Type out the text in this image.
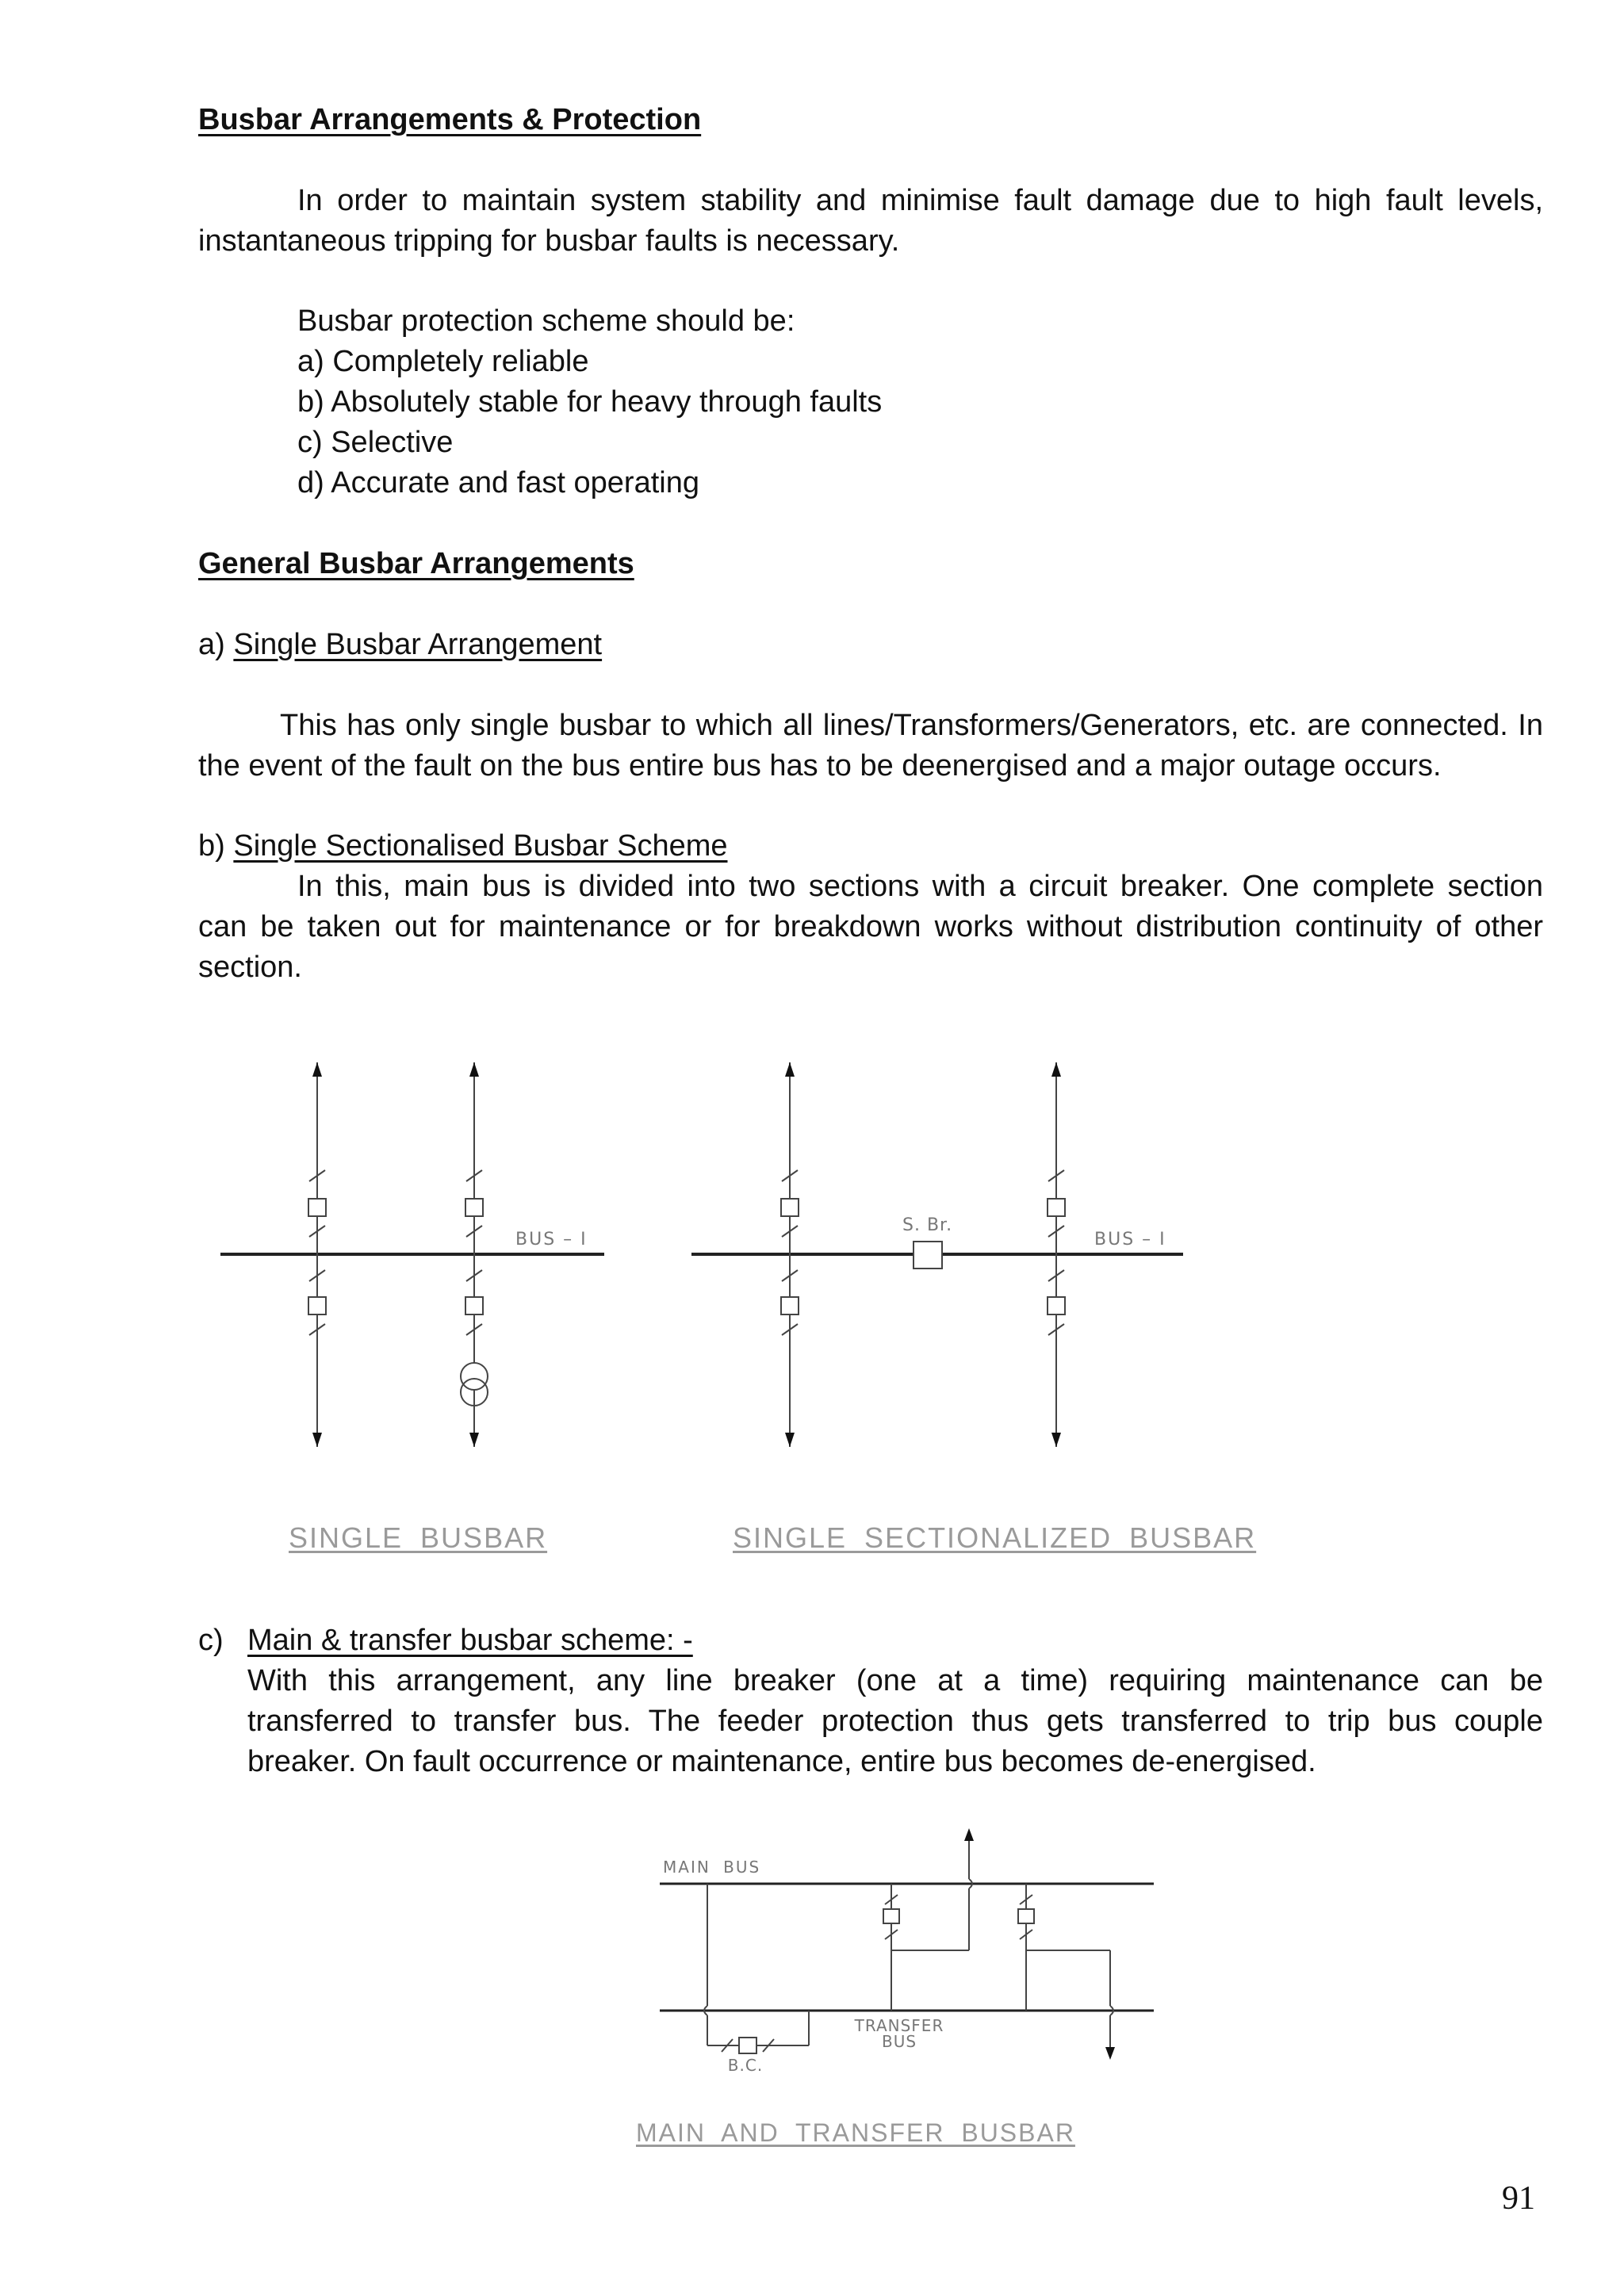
Busbar Arrangements & Protection
In order to maintain system stability and minimise fault damage due to high fault levels,
instantaneous tripping for busbar faults is necessary.
Busbar protection scheme should be:
a) Completely reliable
b) Absolutely stable for heavy through faults
c) Selective
d) Accurate and fast operating
General Busbar Arrangements
a) Single Busbar Arrangement
This has only single busbar to which all lines/Transformers/Generators, etc. are connected. In
the event of the fault on the bus entire bus has to be deenergised and a major outage occurs.
b) Single Sectionalised Busbar Scheme
In this, main bus is divided into two sections with a circuit breaker. One complete section
can be taken out for maintenance or for breakdown works without distribution continuity of other
section.
BUS – I
S. Br.
BUS – I
SINGLE BUSBAR	SINGLE SECTIONALIZED BUSBAR
c) Main & transfer busbar scheme: -
With this arrangement, any line breaker (one at a time) requiring maintenance can be
transferred to transfer bus. The feeder protection thus gets transferred to trip bus couple
breaker. On fault occurrence or maintenance, entire bus becomes de-energised.
MAIN BUS
TRANSFER
BUS
B.C.
MAIN AND TRANSFER BUSBAR
91
